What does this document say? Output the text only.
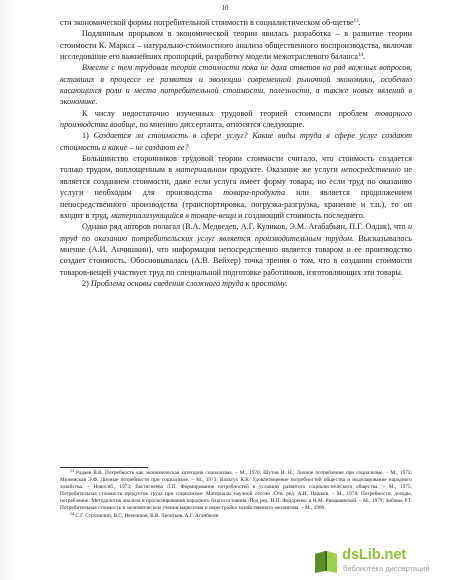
10

сти экономической формы потребительной стоимости в социалистическом об-щетве$^{13}$.

Подлинным прорывом в экономической теории явилась разработка – в развитие теории стоимости К. Маркса – натурально-стоимостного анализа общественного воспроизводства, включая исследование его важнейших пропорций, разработку модели межотраслевого баланса$^{14}$.

Вместе с тем трудовая теория стоимости пока не дала ответов на ряд важных вопросов, вставших в процессе ее развития и эволюции современной рыночной экономики, особенно касающихся роли и места потребительной стоимости, полезности, а также новых явлений в экономике.

К числу недостаточно изученных трудовой теорией стоимости проблем товарного производства вообще, по мнению диссертанта, относятся следующие.

1) Создается ли стоимость в сфере услуг? Какие виды труда в сфере услуг создают стоимость и какие – не создают ее?

Большинство сторонников трудовой теории стоимости считало, что стоимость создается только трудом, воплощенным в материальном продукте. Оказание же услуги непосредственно не является созданием стоимости, даже если услуга имеет форму товара; но если труд по оказанию услуги необходим для производства товара-продукта или является продолжением непосредственного производства (транспортировка, погрузка-разгрузка, хранение и т.п.), то он входит в труд, материализующийся в товаре-вещи и создающий стоимость последнего.

Однако ряд авторов полагал (В.А. Медведев, А.Г. Куликов, Э.М. Агабабьян, П.Г. Олдак), что и труд по оказанию потребительских услуг является производительным трудом. Высказывалось мнение (А.И. Анчишкин), что информация непосредственно является товаром и ее производство создает стоимость. Обосновывалась (А.В. Вейхер) точка зрения о том, что в создании стоимости товаров-вещей участвует труд по специальной подготовке работников, изготовляющих эти товары.

2) Проблема основы сведения сложного труда к простому.

$^{13}$ Радаев В.В. Потребность как экономическая категория социализма. – М., 1970; Шутов И. Н., Личное потребление при социализме. – М., 1972; Миженская Э.Ф. Личные потребности при социализме. – М., 1973; Вальтух К.К. Удовлетворение потребностей общества и моделирование народного хозяйства. – Новосиб., 1973; Евстигнеева Л.П. Формирование потребностей в условиях развитого социалистического общества. – М., 1975; Потребительная стоимость продуктов труда при социализме: Материалы научной сессии /Отв. ред. А.И. Пашков. – М., 1978; Потребности, доходы, потребление: Методология анализа и прогнозирования народного благосостояния /Под ред. Н.П. Федоренко и Н.М. Римашевской. – М., 1979; Зиблюк Р.Т. Потребительная стоимость в экономическом учении марксизма и перестройка хозяйственного механизма. – М., 1989.

$^{14}$ С.Г. Струмилин, В.С. Немчинов, В.В. Леонтьев, А.Г. Аганбегян

dsLib.net
библиотека диссертаций
